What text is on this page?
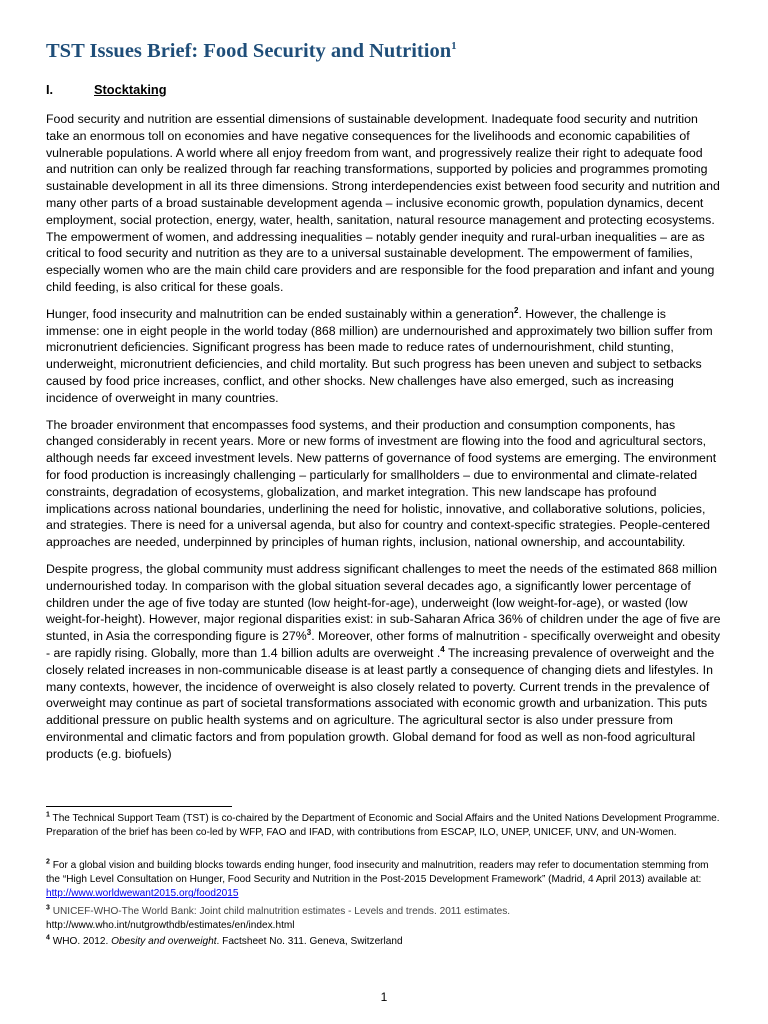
TST Issues Brief: Food Security and Nutrition$^1$
I.	Stocktaking

Food security and nutrition are essential dimensions of sustainable development. Inadequate food security and nutrition take an enormous toll on economies and have negative consequences for the livelihoods and economic capabilities of vulnerable populations. A world where all enjoy freedom from want, and progressively realize their right to adequate food and nutrition can only be realized through far reaching transformations, supported by policies and programmes promoting sustainable development in all its three dimensions. Strong interdependencies exist between food security and nutrition and many other parts of a broad sustainable development agenda – inclusive economic growth, population dynamics, decent employment, social protection, energy, water, health, sanitation, natural resource management and protecting ecosystems. The empowerment of women, and addressing inequalities – notably gender inequity and rural-urban inequalities – are as critical to food security and nutrition as they are to a universal sustainable development. The empowerment of families, especially women who are the main child care providers and are responsible for the food preparation and infant and young child feeding, is also critical for these goals.

Hunger, food insecurity and malnutrition can be ended sustainably within a generation$^2$. However, the challenge is immense: one in eight people in the world today (868 million) are undernourished and approximately two billion suffer from micronutrient deficiencies. Significant progress has been made to reduce rates of undernourishment, child stunting, underweight, micronutrient deficiencies, and child mortality. But such progress has been uneven and subject to setbacks caused by food price increases, conflict, and other shocks. New challenges have also emerged, such as increasing incidence of overweight in many countries.

The broader environment that encompasses food systems, and their production and consumption components, has changed considerably in recent years. More or new forms of investment are flowing into the food and agricultural sectors, although needs far exceed investment levels. New patterns of governance of food systems are emerging. The environment for food production is increasingly challenging – particularly for smallholders – due to environmental and climate-related constraints, degradation of ecosystems, globalization, and market integration. This new landscape has profound implications across national boundaries, underlining the need for holistic, innovative, and collaborative solutions, policies, and strategies. There is need for a universal agenda, but also for country and context-specific strategies. People-centered approaches are needed, underpinned by principles of human rights, inclusion, national ownership, and accountability.

Despite progress, the global community must address significant challenges to meet the needs of the estimated 868 million undernourished today. In comparison with the global situation several decades ago, a significantly lower percentage of children under the age of five today are stunted (low height-for-age), underweight (low weight-for-age), or wasted (low weight-for-height). However, major regional disparities exist: in sub-Saharan Africa 36% of children under the age of five are stunted, in Asia the corresponding figure is 27%$^3$. Moreover, other forms of malnutrition - specifically overweight and obesity - are rapidly rising. Globally, more than 1.4 billion adults are overweight .$^4$ The increasing prevalence of overweight and the closely related increases in non-communicable disease is at least partly a consequence of changing diets and lifestyles. In many contexts, however, the incidence of overweight is also closely related to poverty. Current trends in the prevalence of overweight may continue as part of societal transformations associated with economic growth and urbanization. This puts additional pressure on public health systems and on agriculture. The agricultural sector is also under pressure from environmental and climatic factors and from population growth. Global demand for food as well as non-food agricultural products (e.g. biofuels)

$^1$ The Technical Support Team (TST) is co-chaired by the Department of Economic and Social Affairs and the United Nations Development Programme. Preparation of the brief has been co-led by WFP, FAO and IFAD, with contributions from ESCAP, ILO, UNEP, UNICEF, UNV, and UN-Women.
$^2$ For a global vision and building blocks towards ending hunger, food insecurity and malnutrition, readers may refer to documentation stemming from the “High Level Consultation on Hunger, Food Security and Nutrition in the Post-2015 Development Framework” (Madrid, 4 April 2013) available at: http://www.worldwewant2015.org/food2015
$^3$ UNICEF-WHO-The World Bank: Joint child malnutrition estimates - Levels and trends. 2011 estimates.
http://www.who.int/nutgrowthdb/estimates/en/index.html
$^4$ WHO. 2012. Obesity and overweight. Factsheet No. 311. Geneva, Switzerland
1
